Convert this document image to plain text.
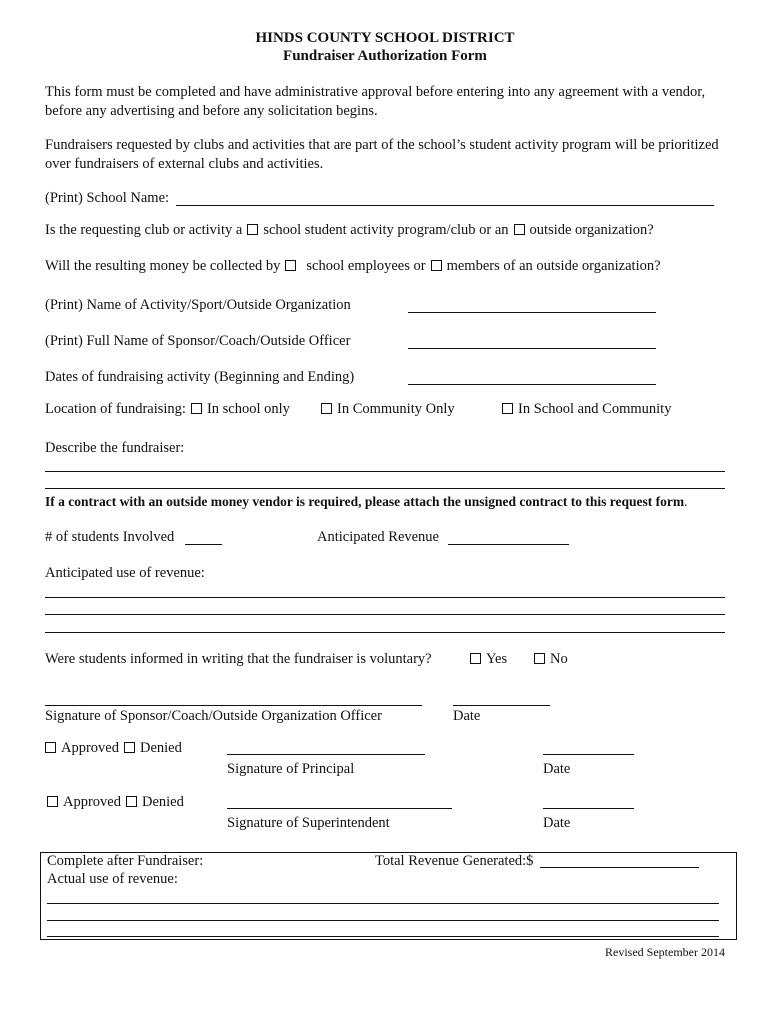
HINDS COUNTY SCHOOL DISTRICT
Fundraiser Authorization Form
This form must be completed and have administrative approval before entering into any agreement with a vendor, before any advertising and before any solicitation begins.
Fundraisers requested by clubs and activities that are part of the school’s student activity program will be prioritized over fundraisers of external clubs and activities.
(Print) School Name:
Is the requesting club or activity a school student activity program/club or an outside organization?
Will the resulting money be collected by school employees or members of an outside organization?
(Print) Name of Activity/Sport/Outside Organization
(Print) Full Name of Sponsor/Coach/Outside Officer
Dates of fundraising activity (Beginning and Ending)
Location of fundraising: In school only	In Community Only	In School and Community
Describe the fundraiser:
If a contract with an outside money vendor is required, please attach the unsigned contract to this request form.
# of students Involved	Anticipated Revenue
Anticipated use of revenue:
Were students informed in writing that the fundraiser is voluntary?	Yes	No
Signature of Sponsor/Coach/Outside Organization Officer	Date
Approved Denied
Signature of Principal	Date
Approved Denied
Signature of Superintendent	Date
Complete after Fundraiser:	Total Revenue Generated:$
Actual use of revenue:
Revised September 2014
